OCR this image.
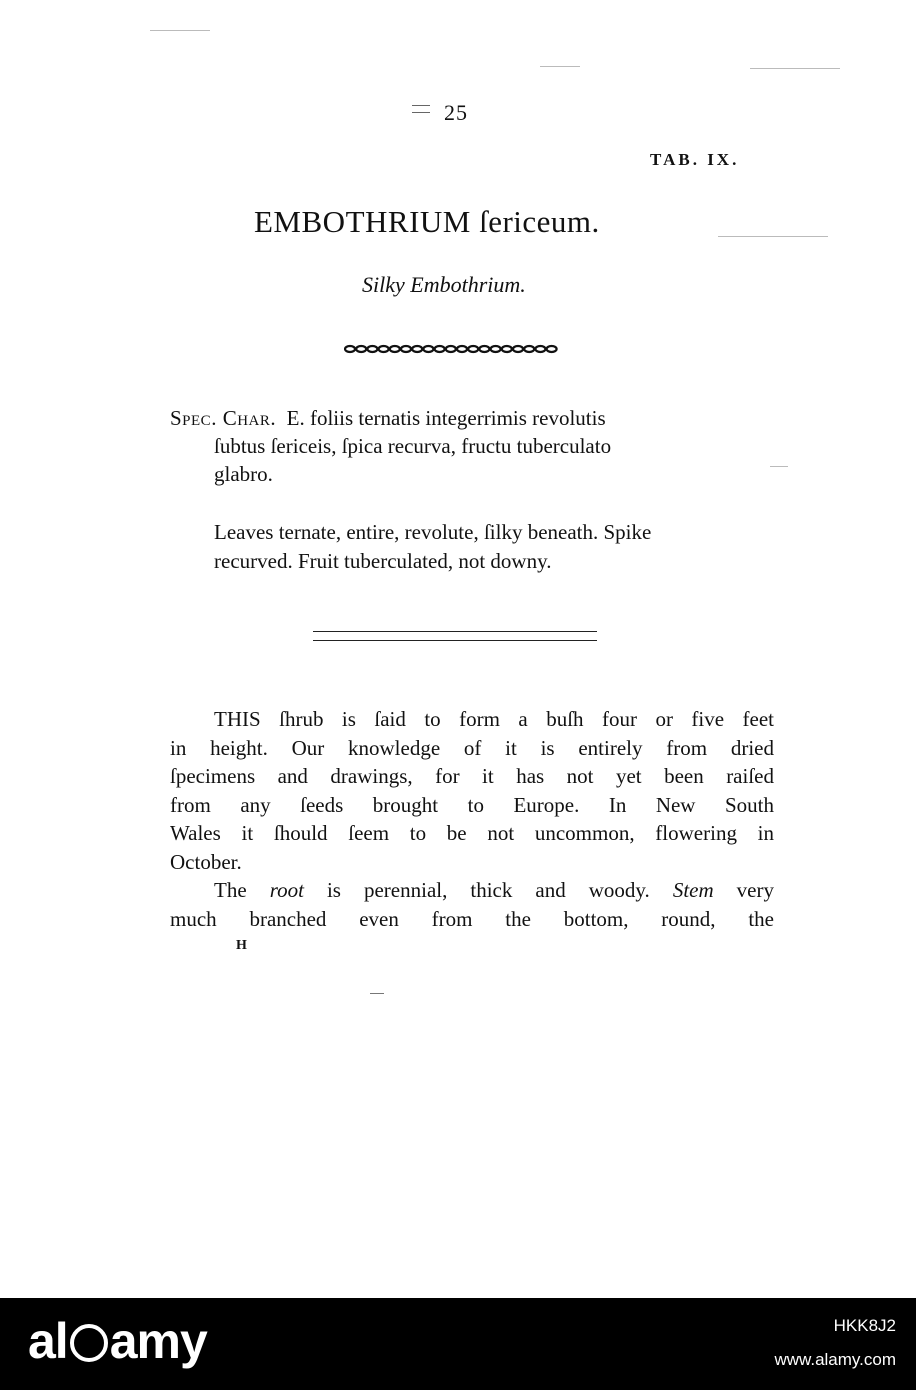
25
TAB. IX.
EMBOTHRIUM ſericeum.
Silky Embothrium.
Spec. Char. E. foliis ternatis integerrimis revolutis
ſubtus ſericeis, ſpica recurva, fructu tuberculato
glabro.
Leaves ternate, entire, revolute, ſilky beneath. Spike
recurved. Fruit tuberculated, not downy.
THIS ſhrub is ſaid to form a buſh four or five feet
in height. Our knowledge of it is entirely from dried
ſpecimens and drawings, for it has not yet been raiſed
from any ſeeds brought to Europe. In New South
Wales it ſhould ſeem to be not uncommon, flowering in
October.
The root is perennial, thick and woody. Stem very
much branched even from the bottom, round, the
H
al amy	HKK8J2
www.alamy.com
